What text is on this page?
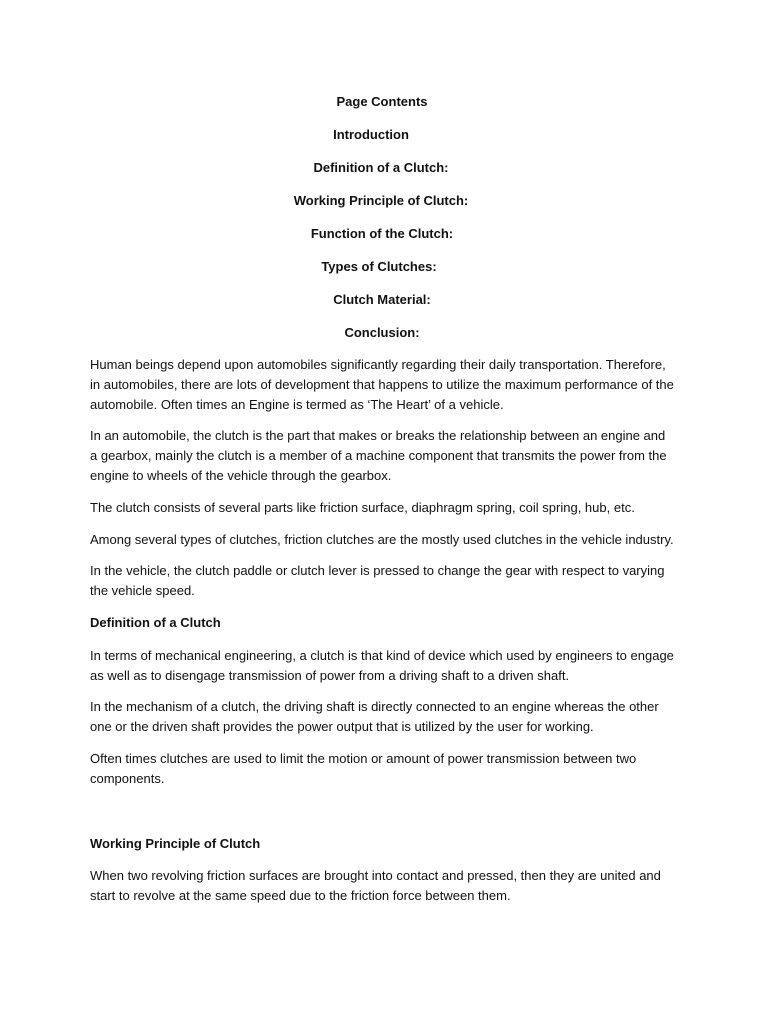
Page Contents
Introduction
Definition of a Clutch:
Working Principle of Clutch:
Function of the Clutch:
Types of Clutches:
Clutch Material:
Conclusion:

Human beings depend upon automobiles significantly regarding their daily transportation. Therefore, in automobiles, there are lots of development that happens to utilize the maximum performance of the automobile. Often times an Engine is termed as ‘The Heart’ of a vehicle.

In an automobile, the clutch is the part that makes or breaks the relationship between an engine and a gearbox, mainly the clutch is a member of a machine component that transmits the power from the engine to wheels of the vehicle through the gearbox.

The clutch consists of several parts like friction surface, diaphragm spring, coil spring, hub, etc.

Among several types of clutches, friction clutches are the mostly used clutches in the vehicle industry.

In the vehicle, the clutch paddle or clutch lever is pressed to change the gear with respect to varying the vehicle speed.

Definition of a Clutch

In terms of mechanical engineering, a clutch is that kind of device which used by engineers to engage as well as to disengage transmission of power from a driving shaft to a driven shaft.

In the mechanism of a clutch, the driving shaft is directly connected to an engine whereas the other one or the driven shaft provides the power output that is utilized by the user for working.

Often times clutches are used to limit the motion or amount of power transmission between two components.

Working Principle of Clutch

When two revolving friction surfaces are brought into contact and pressed, then they are united and start to revolve at the same speed due to the friction force between them.
